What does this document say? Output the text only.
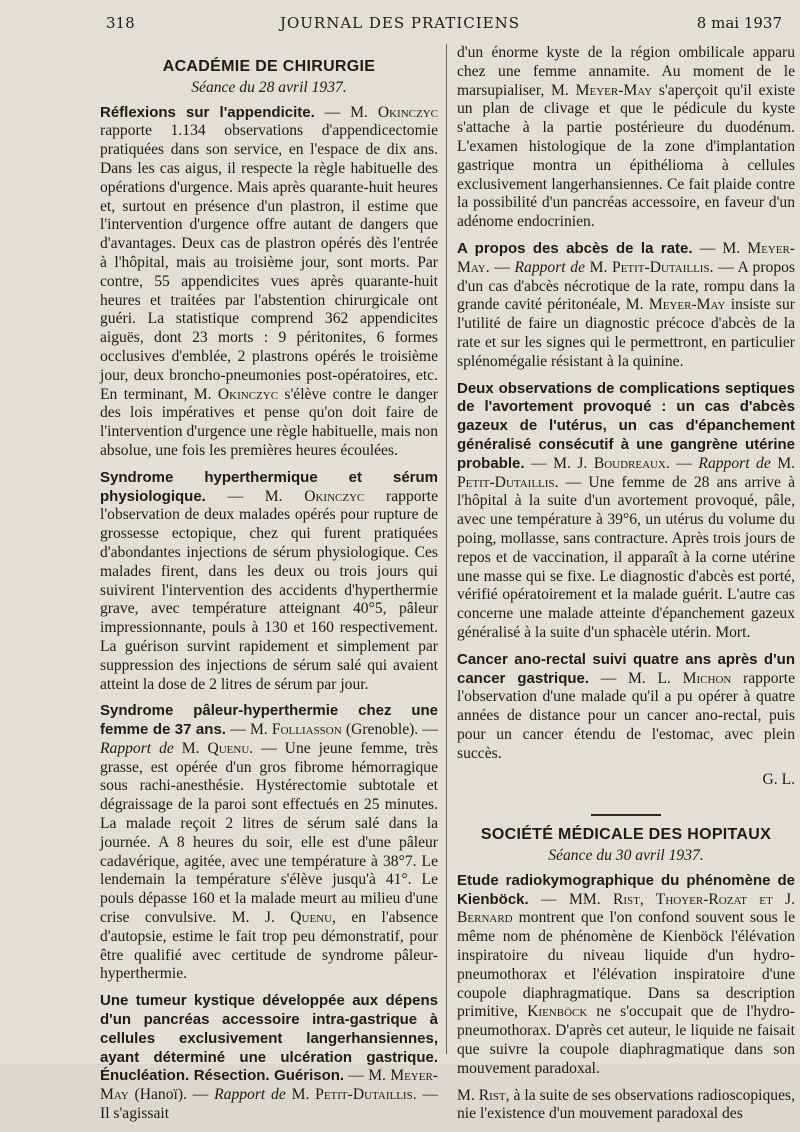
318	JOURNAL DES PRATICIENS	8 mai 1937
ACADÉMIE DE CHIRURGIE
Séance du 28 avril 1937.

Réflexions sur l'appendicite. — M. Okinczyc rapporte 1.134 observations d'appendicectomie pratiquées dans son service, en l'espace de dix ans. Dans les cas aigus, il respecte la règle habituelle des opérations d'urgence. Mais après quarante-huit heures et, surtout en présence d'un plastron, il estime que l'intervention d'urgence offre autant de dangers que d'avantages. Deux cas de plastron opérés dès l'entrée à l'hôpital, mais au troisième jour, sont morts. Par contre, 55 appendicites vues après quarante-huit heures et traitées par l'abstention chirurgicale ont guéri. La statistique comprend 362 appendicites aiguës, dont 23 morts : 9 péritonites, 6 formes occlusives d'emblée, 2 plastrons opérés le troisième jour, deux broncho-pneumonies post-opératoires, etc. En terminant, M. Okinczyc s'élève contre le danger des lois impératives et pense qu'on doit faire de l'intervention d'urgence une règle habituelle, mais non absolue, une fois les premières heures écoulées.

Syndrome hyperthermique et sérum physiologique. — M. Okinczyc rapporte l'observation de deux malades opérés pour rupture de grossesse ectopique, chez qui furent pratiquées d'abondantes injections de sérum physiologique. Ces malades firent, dans les deux ou trois jours qui suivirent l'intervention des accidents d'hyperthermie grave, avec température atteignant 40°5, pâleur impressionnante, pouls à 130 et 160 respectivement. La guérison survint rapidement et simplement par suppression des injections de sérum salé qui avaient atteint la dose de 2 litres de sérum par jour.

Syndrome pâleur-hyperthermie chez une femme de 37 ans. — M. Folliasson (Grenoble). — Rapport de M. Quenu. — Une jeune femme, très grasse, est opérée d'un gros fibrome hémorragique sous rachi-anesthésie. Hystérectomie subtotale et dégraissage de la paroi sont effectués en 25 minutes. La malade reçoit 2 litres de sérum salé dans la journée. A 8 heures du soir, elle est d'une pâleur cadavérique, agitée, avec une température à 38°7. Le lendemain la température s'élève jusqu'à 41°. Le pouls dépasse 160 et la malade meurt au milieu d'une crise convulsive. M. J. Quenu, en l'absence d'autopsie, estime le fait trop peu démonstratif, pour être qualifié avec certitude de syndrome pâleur-hyperthermie.

Une tumeur kystique développée aux dépens d'un pancréas accessoire intra-gastrique à cellules exclusivement langerhansiennes, ayant déterminé une ulcération gastrique. Énucléation. Résection. Guérison. — M. Meyer-May (Hanoï). — Rapport de M. Petit-Dutaillis. — Il s'agissait

d'un énorme kyste de la région ombilicale apparu chez une femme annamite. Au moment de le marsupialiser, M. Meyer-May s'aperçoit qu'il existe un plan de clivage et que le pédicule du kyste s'attache à la partie postérieure du duodénum. L'examen histologique de la zone d'implantation gastrique montra un épithélioma à cellules exclusivement langerhansiennes. Ce fait plaide contre la possibilité d'un pancréas accessoire, en faveur d'un adénome endocrinien.

A propos des abcès de la rate. — M. Meyer-May. — Rapport de M. Petit-Dutaillis. — A propos d'un cas d'abcès nécrotique de la rate, rompu dans la grande cavité péritonéale, M. Meyer-May insiste sur l'utilité de faire un diagnostic précoce d'abcès de la rate et sur les signes qui le permettront, en particulier splénomégalie résistant à la quinine.

Deux observations de complications septiques de l'avortement provoqué : un cas d'abcès gazeux de l'utérus, un cas d'épanchement généralisé consécutif à une gangrène utérine probable. — M. J. Boudreaux. — Rapport de M. Petit-Dutaillis. — Une femme de 28 ans arrive à l'hôpital à la suite d'un avortement provoqué, pâle, avec une température à 39°6, un utérus du volume du poing, mollasse, sans contracture. Après trois jours de repos et de vaccination, il apparaît à la corne utérine une masse qui se fixe. Le diagnostic d'abcès est porté, vérifié opératoirement et la malade guérit. L'autre cas concerne une malade atteinte d'épanchement gazeux généralisé à la suite d'un sphacèle utérin. Mort.

Cancer ano-rectal suivi quatre ans après d'un cancer gastrique. — M. L. Michon rapporte l'observation d'une malade qu'il a pu opérer à quatre années de distance pour un cancer ano-rectal, puis pour un cancer étendu de l'estomac, avec plein succès.

G. L.

SOCIÉTÉ MÉDICALE DES HOPITAUX
Séance du 30 avril 1937.

Etude radiokymographique du phénomène de Kienböck. — MM. Rist, Thoyer-Rozat et J. Bernard montrent que l'on confond souvent sous le même nom de phénomène de Kienböck l'élévation inspiratoire du niveau liquide d'un hydro-pneumothorax et l'élévation inspiratoire d'une coupole diaphragmatique. Dans sa description primitive, Kienböck ne s'occupait que de l'hydro-pneumothorax. D'après cet auteur, le liquide ne faisait que suivre la coupole diaphragmatique dans son mouvement paradoxal.

M. Rist, à la suite de ses observations radioscopiques, nie l'existence d'un mouvement paradoxal des
